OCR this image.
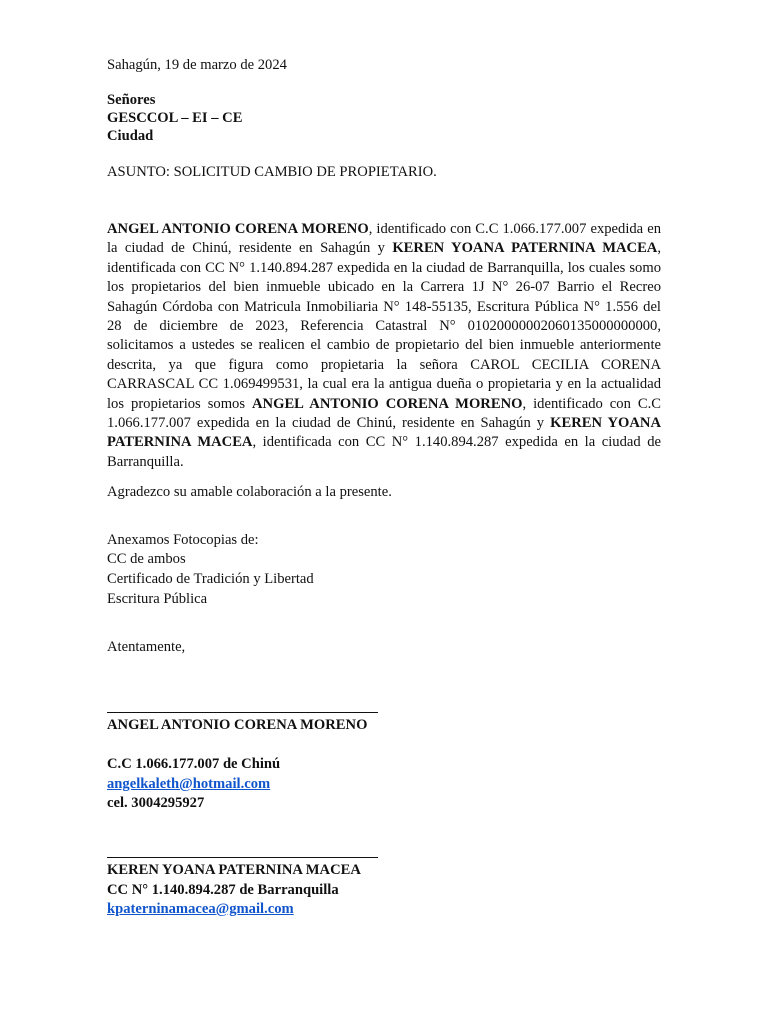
Sahagún, 19 de marzo de 2024
Señores
GESCCOL – EI – CE
Ciudad
ASUNTO: SOLICITUD CAMBIO DE PROPIETARIO.

ANGEL ANTONIO CORENA MORENO, identificado con C.C 1.066.177.007 expedida en la ciudad de Chinú, residente en Sahagún y KEREN YOANA PATERNINA MACEA, identificada con CC N° 1.140.894.287 expedida en la ciudad de Barranquilla, los cuales somo los propietarios del bien inmueble ubicado en la Carrera 1J N° 26-07 Barrio el Recreo Sahagún Córdoba con Matricula Inmobiliaria N° 148-55135, Escritura Pública N° 1.556 del 28 de diciembre de 2023, Referencia Catastral N° 01020000002060135000000000, solicitamos a ustedes se realicen el cambio de propietario del bien inmueble anteriormente descrita, ya que figura como propietaria la señora CAROL CECILIA CORENA CARRASCAL CC 1.069499531, la cual era la antigua dueña o propietaria y en la actualidad los propietarios somos ANGEL ANTONIO CORENA MORENO, identificado con C.C 1.066.177.007 expedida en la ciudad de Chinú, residente en Sahagún y KEREN YOANA PATERNINA MACEA, identificada con CC N° 1.140.894.287 expedida en la ciudad de Barranquilla.

Agradezco su amable colaboración a la presente.
Anexamos Fotocopias de:
CC de ambos
Certificado de Tradición y Libertad
Escritura Pública
Atentamente,
ANGEL ANTONIO CORENA MORENO
C.C 1.066.177.007 de Chinú
angelkaleth@hotmail.com
cel. 3004295927
KEREN YOANA PATERNINA MACEA
CC N° 1.140.894.287 de Barranquilla
kpaterninamacea@gmail.com
